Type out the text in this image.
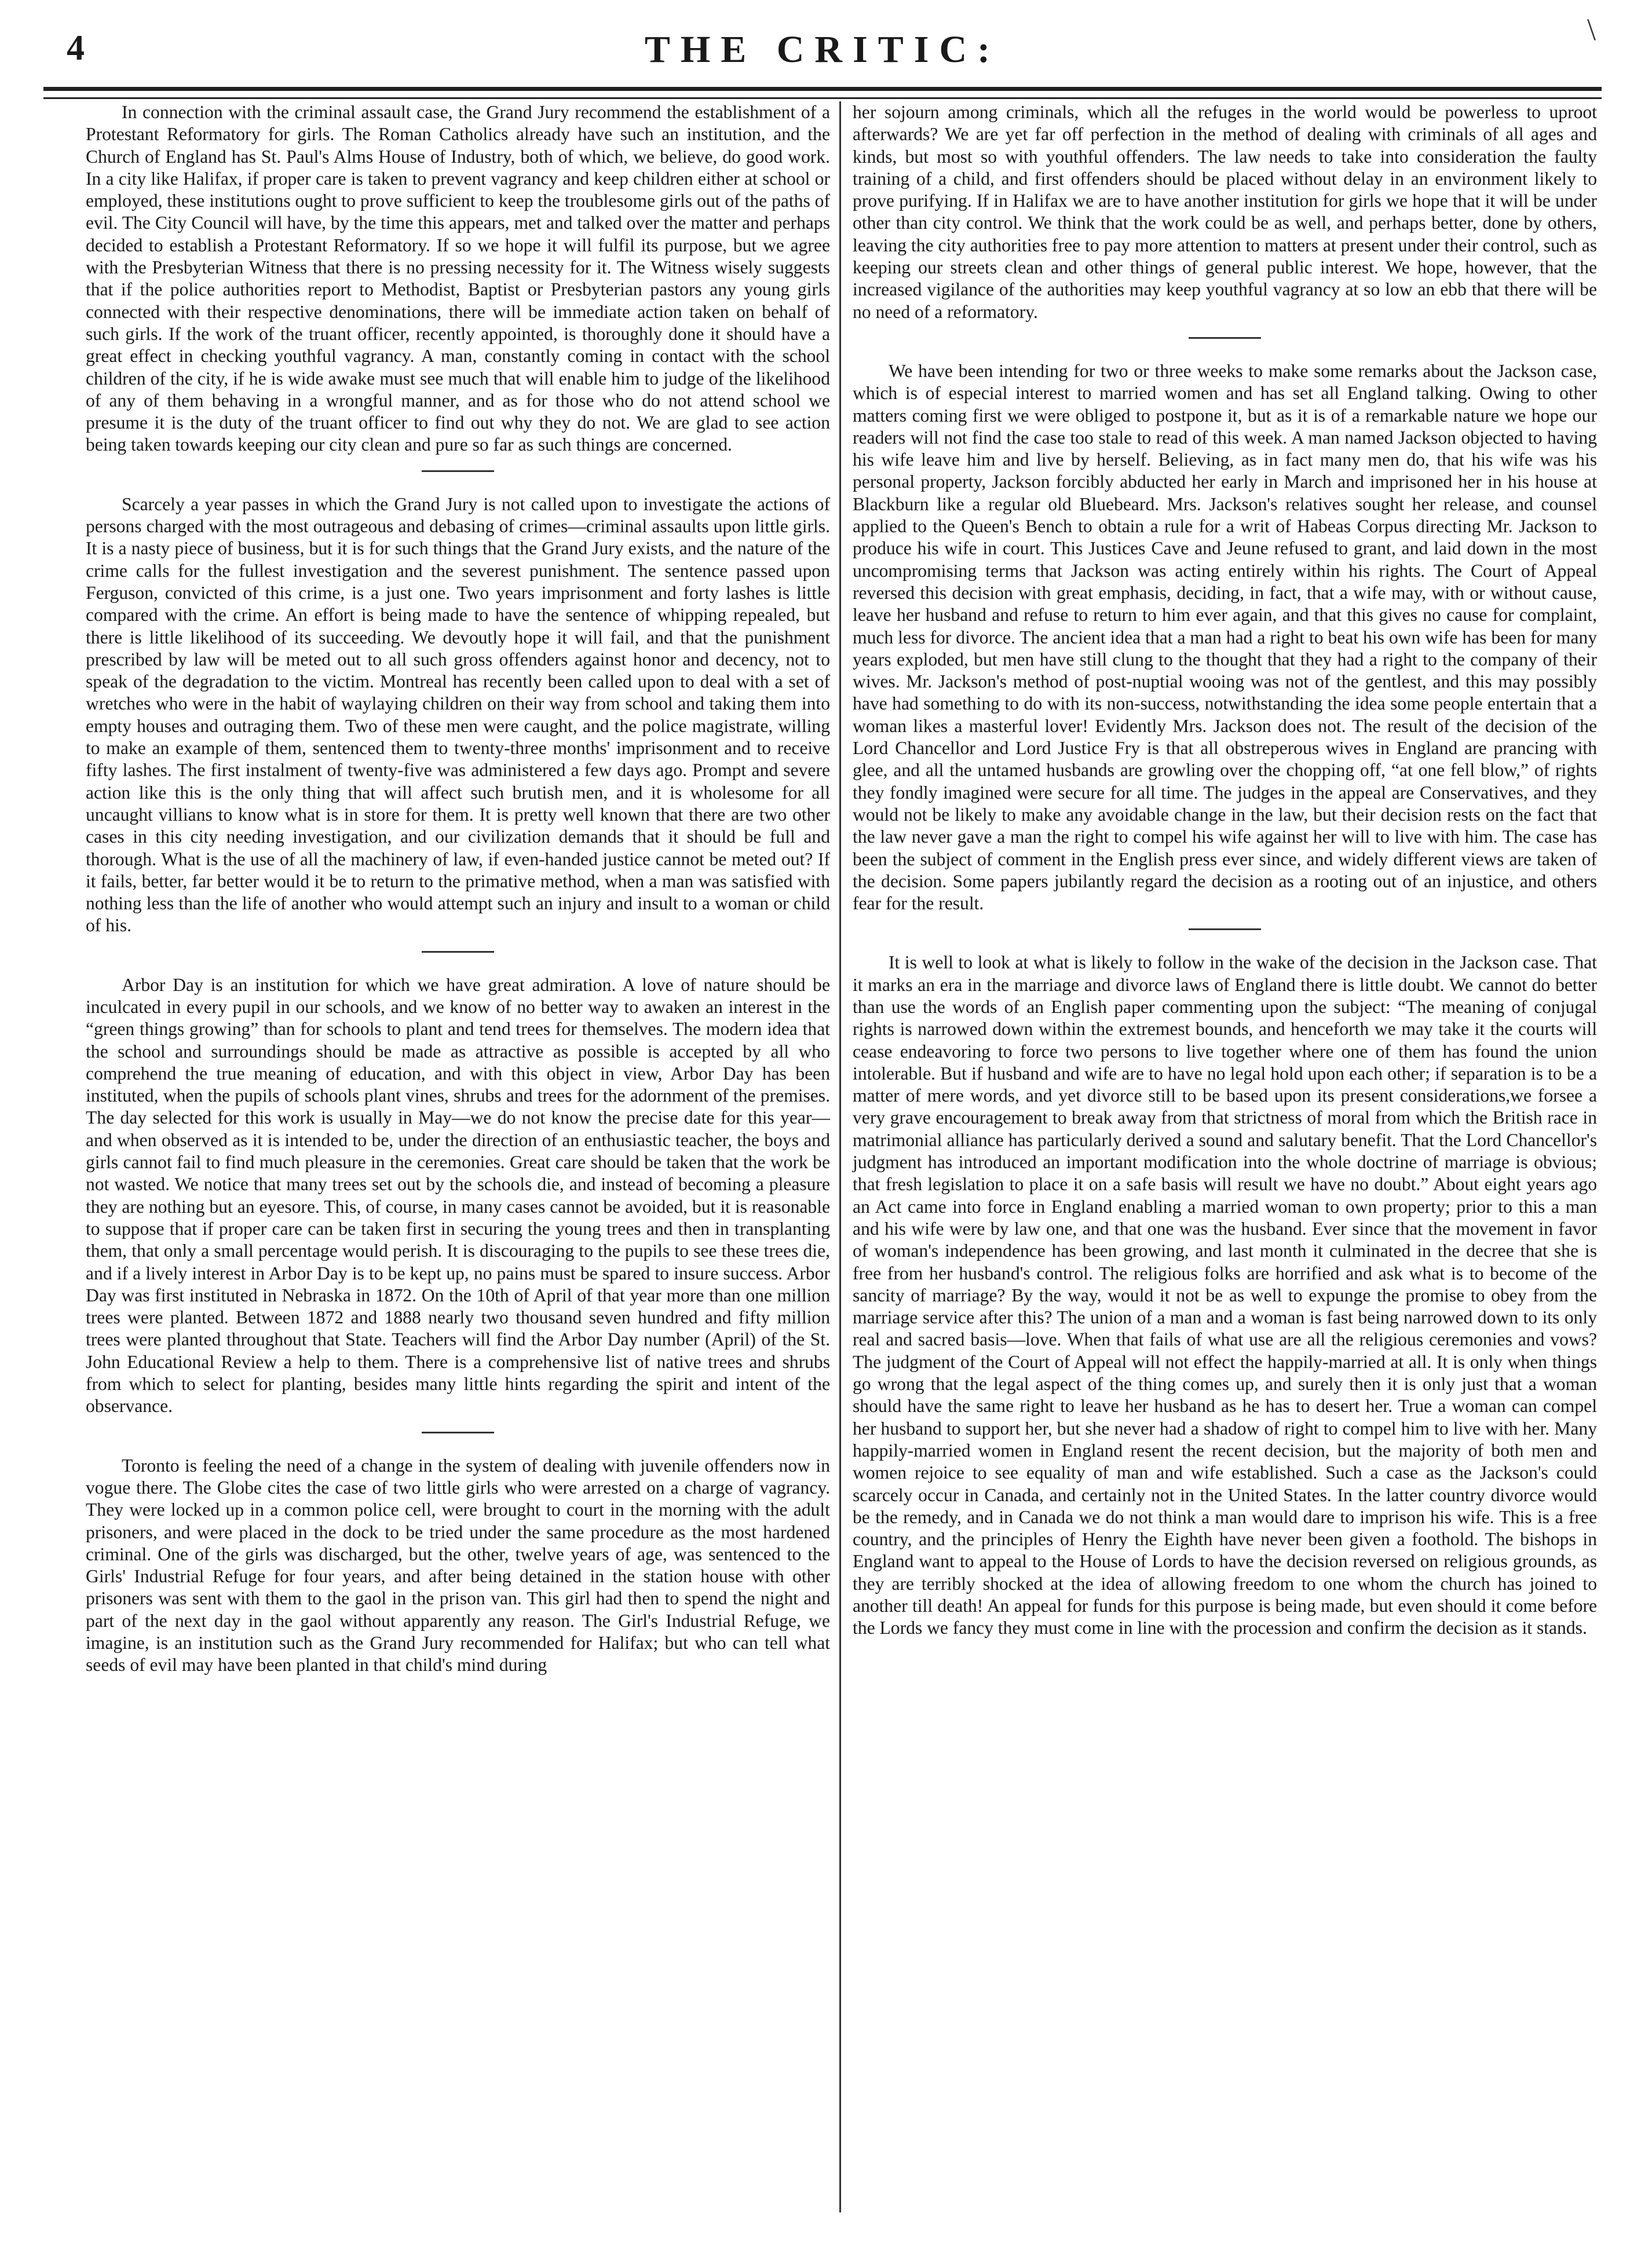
4	THE CRITIC:	\

In connection with the criminal assault case, the Grand Jury recommend the establishment of a Protestant Reformatory for girls. The Roman Catholics already have such an institution, and the Church of England has St. Paul's Alms House of Industry, both of which, we believe, do good work. In a city like Halifax, if proper care is taken to prevent vagrancy and keep children either at school or employed, these institutions ought to prove sufficient to keep the troublesome girls out of the paths of evil. The City Council will have, by the time this appears, met and talked over the matter and perhaps decided to establish a Protestant Reformatory. If so we hope it will fulfil its purpose, but we agree with the Presbyterian Witness that there is no pressing necessity for it. The Witness wisely suggests that if the police authorities report to Methodist, Baptist or Presbyterian pastors any young girls connected with their respective denominations, there will be immediate action taken on behalf of such girls. If the work of the truant officer, recently appointed, is thoroughly done it should have a great effect in checking youthful vagrancy. A man, constantly coming in contact with the school children of the city, if he is wide awake must see much that will enable him to judge of the likelihood of any of them behaving in a wrongful manner, and as for those who do not attend school we presume it is the duty of the truant officer to find out why they do not. We are glad to see action being taken towards keeping our city clean and pure so far as such things are concerned.

Scarcely a year passes in which the Grand Jury is not called upon to investigate the actions of persons charged with the most outrageous and debasing of crimes—criminal assaults upon little girls. It is a nasty piece of business, but it is for such things that the Grand Jury exists, and the nature of the crime calls for the fullest investigation and the severest punishment. The sentence passed upon Ferguson, convicted of this crime, is a just one. Two years imprisonment and forty lashes is little compared with the crime. An effort is being made to have the sentence of whipping repealed, but there is little likelihood of its succeeding. We devoutly hope it will fail, and that the punishment prescribed by law will be meted out to all such gross offenders against honor and decency, not to speak of the degradation to the victim. Montreal has recently been called upon to deal with a set of wretches who were in the habit of waylaying children on their way from school and taking them into empty houses and outraging them. Two of these men were caught, and the police magistrate, willing to make an example of them, sentenced them to twenty-three months' imprisonment and to receive fifty lashes. The first instalment of twenty-five was administered a few days ago. Prompt and severe action like this is the only thing that will affect such brutish men, and it is wholesome for all uncaught villians to know what is in store for them. It is pretty well known that there are two other cases in this city needing investigation, and our civilization demands that it should be full and thorough. What is the use of all the machinery of law, if even-handed justice cannot be meted out? If it fails, better, far better would it be to return to the primative method, when a man was satisfied with nothing less than the life of another who would attempt such an injury and insult to a woman or child of his.

Arbor Day is an institution for which we have great admiration. A love of nature should be inculcated in every pupil in our schools, and we know of no better way to awaken an interest in the “green things growing” than for schools to plant and tend trees for themselves. The modern idea that the school and surroundings should be made as attractive as possible is accepted by all who comprehend the true meaning of education, and with this object in view, Arbor Day has been instituted, when the pupils of schools plant vines, shrubs and trees for the adornment of the premises. The day selected for this work is usually in May—we do not know the precise date for this year—and when observed as it is intended to be, under the direction of an enthusiastic teacher, the boys and girls cannot fail to find much pleasure in the ceremonies. Great care should be taken that the work be not wasted. We notice that many trees set out by the schools die, and instead of becoming a pleasure they are nothing but an eyesore. This, of course, in many cases cannot be avoided, but it is reasonable to suppose that if proper care can be taken first in securing the young trees and then in transplanting them, that only a small percentage would perish. It is discouraging to the pupils to see these trees die, and if a lively interest in Arbor Day is to be kept up, no pains must be spared to insure success. Arbor Day was first instituted in Nebraska in 1872. On the 10th of April of that year more than one million trees were planted. Between 1872 and 1888 nearly two thousand seven hundred and fifty million trees were planted throughout that State. Teachers will find the Arbor Day number (April) of the St. John Educational Review a help to them. There is a comprehensive list of native trees and shrubs from which to select for planting, besides many little hints regarding the spirit and intent of the observance.

Toronto is feeling the need of a change in the system of dealing with juvenile offenders now in vogue there. The Globe cites the case of two little girls who were arrested on a charge of vagrancy. They were locked up in a common police cell, were brought to court in the morning with the adult prisoners, and were placed in the dock to be tried under the same procedure as the most hardened criminal. One of the girls was discharged, but the other, twelve years of age, was sentenced to the Girls' Industrial Refuge for four years, and after being detained in the station house with other prisoners was sent with them to the gaol in the prison van. This girl had then to spend the night and part of the next day in the gaol without apparently any reason. The Girl's Industrial Refuge, we imagine, is an institution such as the Grand Jury recommended for Halifax; but who can tell what seeds of evil may have been planted in that child's mind during

her sojourn among criminals, which all the refuges in the world would be powerless to uproot afterwards? We are yet far off perfection in the method of dealing with criminals of all ages and kinds, but most so with youthful offenders. The law needs to take into consideration the faulty training of a child, and first offenders should be placed without delay in an environment likely to prove purifying. If in Halifax we are to have another institution for girls we hope that it will be under other than city control. We think that the work could be as well, and perhaps better, done by others, leaving the city authorities free to pay more attention to matters at present under their control, such as keeping our streets clean and other things of general public interest. We hope, however, that the increased vigilance of the authorities may keep youthful vagrancy at so low an ebb that there will be no need of a reformatory.

We have been intending for two or three weeks to make some remarks about the Jackson case, which is of especial interest to married women and has set all England talking. Owing to other matters coming first we were obliged to postpone it, but as it is of a remarkable nature we hope our readers will not find the case too stale to read of this week. A man named Jackson objected to having his wife leave him and live by herself. Believing, as in fact many men do, that his wife was his personal property, Jackson forcibly abducted her early in March and imprisoned her in his house at Blackburn like a regular old Bluebeard. Mrs. Jackson's relatives sought her release, and counsel applied to the Queen's Bench to obtain a rule for a writ of Habeas Corpus directing Mr. Jackson to produce his wife in court. This Justices Cave and Jeune refused to grant, and laid down in the most uncompromising terms that Jackson was acting entirely within his rights. The Court of Appeal reversed this decision with great emphasis, deciding, in fact, that a wife may, with or without cause, leave her husband and refuse to return to him ever again, and that this gives no cause for complaint, much less for divorce. The ancient idea that a man had a right to beat his own wife has been for many years exploded, but men have still clung to the thought that they had a right to the company of their wives. Mr. Jackson's method of post-nuptial wooing was not of the gentlest, and this may possibly have had something to do with its non-success, notwithstanding the idea some people entertain that a woman likes a masterful lover! Evidently Mrs. Jackson does not. The result of the decision of the Lord Chancellor and Lord Justice Fry is that all obstreperous wives in England are prancing with glee, and all the untamed husbands are growling over the chopping off, “at one fell blow,” of rights they fondly imagined were secure for all time. The judges in the appeal are Conservatives, and they would not be likely to make any avoidable change in the law, but their decision rests on the fact that the law never gave a man the right to compel his wife against her will to live with him. The case has been the subject of comment in the English press ever since, and widely different views are taken of the decision. Some papers jubilantly regard the decision as a rooting out of an injustice, and others fear for the result.

It is well to look at what is likely to follow in the wake of the decision in the Jackson case. That it marks an era in the marriage and divorce laws of England there is little doubt. We cannot do better than use the words of an English paper commenting upon the subject: “The meaning of conjugal rights is narrowed down within the extremest bounds, and henceforth we may take it the courts will cease endeavoring to force two persons to live together where one of them has found the union intolerable. But if husband and wife are to have no legal hold upon each other; if separation is to be a matter of mere words, and yet divorce still to be based upon its present considerations,we forsee a very grave encouragement to break away from that strictness of moral from which the British race in matrimonial alliance has particularly derived a sound and salutary benefit. That the Lord Chancellor's judgment has introduced an important modification into the whole doctrine of marriage is obvious; that fresh legislation to place it on a safe basis will result we have no doubt.” About eight years ago an Act came into force in England enabling a married woman to own property; prior to this a man and his wife were by law one, and that one was the husband. Ever since that the movement in favor of woman's independence has been growing, and last month it culminated in the decree that she is free from her husband's control. The religious folks are horrified and ask what is to become of the sancity of marriage? By the way, would it not be as well to expunge the promise to obey from the marriage service after this? The union of a man and a woman is fast being narrowed down to its only real and sacred basis—love. When that fails of what use are all the religious ceremonies and vows? The judgment of the Court of Appeal will not effect the happily-married at all. It is only when things go wrong that the legal aspect of the thing comes up, and surely then it is only just that a woman should have the same right to leave her husband as he has to desert her. True a woman can compel her husband to support her, but she never had a shadow of right to compel him to live with her. Many happily-married women in England resent the recent decision, but the majority of both men and women rejoice to see equality of man and wife established. Such a case as the Jackson's could scarcely occur in Canada, and certainly not in the United States. In the latter country divorce would be the remedy, and in Canada we do not think a man would dare to imprison his wife. This is a free country, and the principles of Henry the Eighth have never been given a foothold. The bishops in England want to appeal to the House of Lords to have the decision reversed on religious grounds, as they are terribly shocked at the idea of allowing freedom to one whom the church has joined to another till death! An appeal for funds for this purpose is being made, but even should it come before the Lords we fancy they must come in line with the procession and confirm the decision as it stands.
